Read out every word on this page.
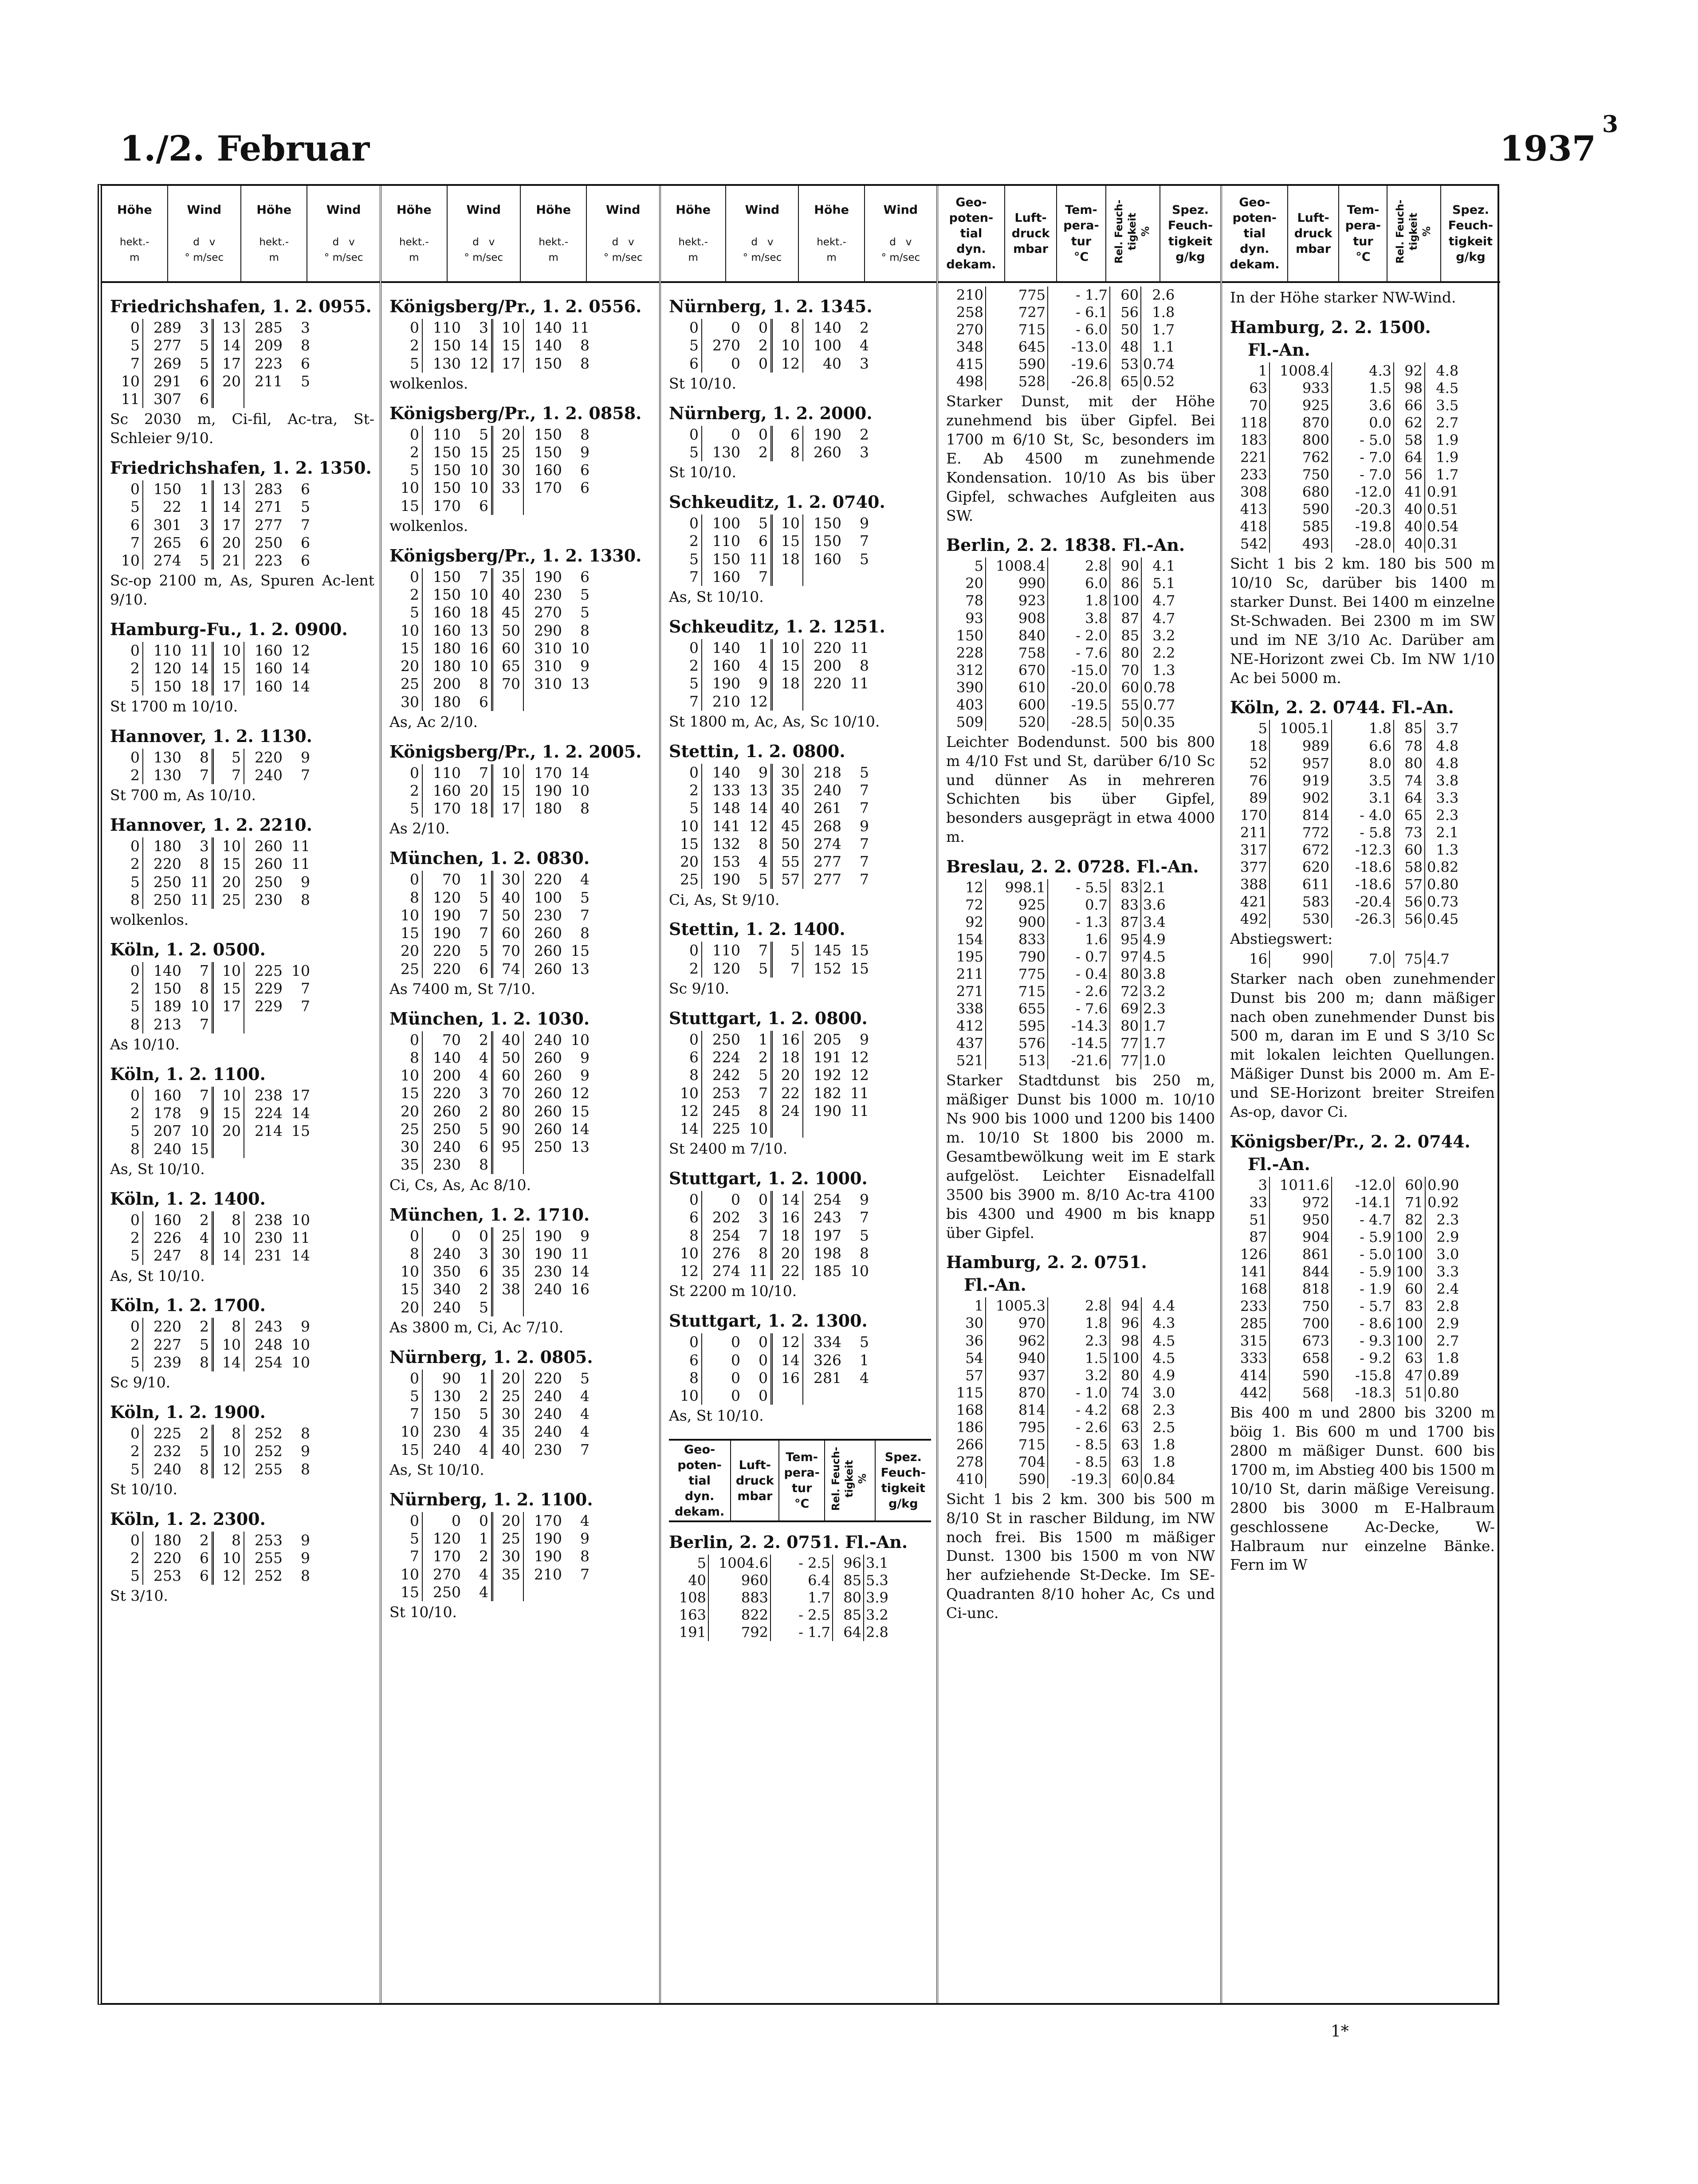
3
1./2. Februar	1937
Höhe

hekt.-
m	Wind

d   v
° m/sec	Höhe

hekt.-
m	Wind

d   v
° m/sec
Friedrichshafen, 1. 2. 0955.
0	289	3	13	285	3
5	277	5	14	209	8
7	269	5	17	223	6
10	291	6	20	211	5
11	307	6			
Sc 2030 m, Ci-fil, Ac-tra, St-Schleier 9/10.
Friedrichshafen, 1. 2. 1350.
0	150	1	13	283	6
5	22	1	14	271	5
6	301	3	17	277	7
7	265	6	20	250	6
10	274	5	21	223	6
Sc-op 2100 m, As, Spuren Ac-lent 9/10.
Hamburg-Fu., 1. 2. 0900.
0	110	11	10	160	12
2	120	14	15	160	14
5	150	18	17	160	14
St 1700 m 10/10.
Hannover, 1. 2. 1130.
0	130	8	5	220	9
2	130	7	7	240	7
St 700 m, As 10/10.
Hannover, 1. 2. 2210.
0	180	3	10	260	11
2	220	8	15	260	11
5	250	11	20	250	9
8	250	11	25	230	8
wolkenlos.
Köln, 1. 2. 0500.
0	140	7	10	225	10
2	150	8	15	229	7
5	189	10	17	229	7
8	213	7			
As 10/10.
Köln, 1. 2. 1100.
0	160	7	10	238	17
2	178	9	15	224	14
5	207	10	20	214	15
8	240	15			
As, St 10/10.
Köln, 1. 2. 1400.
0	160	2	8	238	10
2	226	4	10	230	11
5	247	8	14	231	14
As, St 10/10.
Köln, 1. 2. 1700.
0	220	2	8	243	9
2	227	5	10	248	10
5	239	8	14	254	10
Sc 9/10.
Köln, 1. 2. 1900.
0	225	2	8	252	8
2	232	5	10	252	9
5	240	8	12	255	8
St 10/10.
Köln, 1. 2. 2300.
0	180	2	8	253	9
2	220	6	10	255	9
5	253	6	12	252	8
St 3/10.
Höhe

hekt.-
m	Wind

d   v
° m/sec	Höhe

hekt.-
m	Wind

d   v
° m/sec
Königsberg/Pr., 1. 2. 0556.
0	110	3	10	140	11
2	150	14	15	140	8
5	130	12	17	150	8
wolkenlos.
Königsberg/Pr., 1. 2. 0858.
0	110	5	20	150	8
2	150	15	25	150	9
5	150	10	30	160	6
10	150	10	33	170	6
15	170	6			
wolkenlos.
Königsberg/Pr., 1. 2. 1330.
0	150	7	35	190	6
2	150	10	40	230	5
5	160	18	45	270	5
10	160	13	50	290	8
15	180	16	60	310	10
20	180	10	65	310	9
25	200	8	70	310	13
30	180	6			
As, Ac 2/10.
Königsberg/Pr., 1. 2. 2005.
0	110	7	10	170	14
2	160	20	15	190	10
5	170	18	17	180	8
As 2/10.
München, 1. 2. 0830.
0	70	1	30	220	4
8	120	5	40	100	5
10	190	7	50	230	7
15	190	7	60	260	8
20	220	5	70	260	15
25	220	6	74	260	13
As 7400 m, St 7/10.
München, 1. 2. 1030.
0	70	2	40	240	10
8	140	4	50	260	9
10	200	4	60	260	9
15	220	3	70	260	12
20	260	2	80	260	15
25	250	5	90	260	14
30	240	6	95	250	13
35	230	8			
Ci, Cs, As, Ac 8/10.
München, 1. 2. 1710.
0	0	0	25	190	9
8	240	3	30	190	11
10	350	6	35	230	14
15	340	2	38	240	16
20	240	5			
As 3800 m, Ci, Ac 7/10.
Nürnberg, 1. 2. 0805.
0	90	1	20	220	5
5	130	2	25	240	4
7	150	5	30	240	4
10	230	4	35	240	4
15	240	4	40	230	7
As, St 10/10.
Nürnberg, 1. 2. 1100.
0	0	0	20	170	4
5	120	1	25	190	9
7	170	2	30	190	8
10	270	4	35	210	7
15	250	4			
St 10/10.
Höhe

hekt.-
m	Wind

d   v
° m/sec	Höhe

hekt.-
m	Wind

d   v
° m/sec
Nürnberg, 1. 2. 1345.
0	0	0	8	140	2
5	270	2	10	100	4
6	0	0	12	40	3
St 10/10.
Nürnberg, 1. 2. 2000.
0	0	0	6	190	2
5	130	2	8	260	3
St 10/10.
Schkeuditz, 1. 2. 0740.
0	100	5	10	150	9
2	110	6	15	150	7
5	150	11	18	160	5
7	160	7			
As, St 10/10.
Schkeuditz, 1. 2. 1251.
0	140	1	10	220	11
2	160	4	15	200	8
5	190	9	18	220	11
7	210	12			
St 1800 m, Ac, As, Sc 10/10.
Stettin, 1. 2. 0800.
0	140	9	30	218	5
2	133	13	35	240	7
5	148	14	40	261	7
10	141	12	45	268	9
15	132	8	50	274	7
20	153	4	55	277	7
25	190	5	57	277	7
Ci, As, St 9/10.
Stettin, 1. 2. 1400.
0	110	7	5	145	15
2	120	5	7	152	15
Sc 9/10.
Stuttgart, 1. 2. 0800.
0	250	1	16	205	9
6	224	2	18	191	12
8	242	5	20	192	12
10	253	7	22	182	11
12	245	8	24	190	11
14	225	10			
St 2400 m 7/10.
Stuttgart, 1. 2. 1000.
0	0	0	14	254	9
6	202	3	16	243	7
8	254	7	18	197	5
10	276	8	20	198	8
12	274	11	22	185	10
St 2200 m 10/10.
Stuttgart, 1. 2. 1300.
0	0	0	12	334	5
6	0	0	14	326	1
8	0	0	16	281	4
10	0	0			
As, St 10/10.
Geo-
poten-
tial
dyn.
dekam.	Luft-
druck
mbar	Tem-
pera-
tur
°C	Rel. Feuch-
tigkeit
%	Spez.
Feuch-
tigkeit
g/kg
Berlin, 2. 2. 0751. Fl.-An.
5	1004.6	- 2.5	96	3.1
40	960	6.4	85	5.3
108	883	1.7	80	3.9
163	822	- 2.5	85	3.2
191	792	- 1.7	64	2.8
Geo-
poten-
tial
dyn.
dekam.	Luft-
druck
mbar	Tem-
pera-
tur
°C	Rel. Feuch-
tigkeit
%	Spez.
Feuch-
tigkeit
g/kg
210	775	- 1.7	60	2.6
258	727	- 6.1	56	1.8
270	715	- 6.0	50	1.7
348	645	-13.0	48	1.1
415	590	-19.6	53	0.74
498	528	-26.8	65	0.52
Starker Dunst, mit der Höhe zunehmend bis über Gipfel. Bei 1700 m 6/10 St, Sc, besonders im E. Ab 4500 m zunehmende Kondensation. 10/10 As bis über Gipfel, schwaches Aufgleiten aus SW.
Berlin, 2. 2. 1838. Fl.-An.
5	1008.4	2.8	90	4.1
20	990	6.0	86	5.1
78	923	1.8	100	4.7
93	908	3.8	87	4.7
150	840	- 2.0	85	3.2
228	758	- 7.6	80	2.2
312	670	-15.0	70	1.3
390	610	-20.0	60	0.78
403	600	-19.5	55	0.77
509	520	-28.5	50	0.35
Leichter Bodendunst. 500 bis 800 m 4/10 Fst und St, darüber 6/10 Sc und dünner As in mehreren Schichten bis über Gipfel, besonders ausgeprägt in etwa 4000 m.
Breslau, 2. 2. 0728. Fl.-An.
12	998.1	- 5.5	83	2.1
72	925	0.7	83	3.6
92	900	- 1.3	87	3.4
154	833	1.6	95	4.9
195	790	- 0.7	97	4.5
211	775	- 0.4	80	3.8
271	715	- 2.6	72	3.2
338	655	- 7.6	69	2.3
412	595	-14.3	80	1.7
437	576	-14.5	77	1.7
521	513	-21.6	77	1.0
Starker Stadtdunst bis 250 m, mäßiger Dunst bis 1000 m. 10/10 Ns 900 bis 1000 und 1200 bis 1400 m. 10/10 St 1800 bis 2000 m. Gesamtbewölkung weit im E stark aufgelöst. Leichter Eisnadelfall 3500 bis 3900 m. 8/10 Ac-tra 4100 bis 4300 und 4900 m bis knapp über Gipfel.
Hamburg, 2. 2. 0751.
Fl.-An.
1	1005.3	2.8	94	4.4
30	970	1.8	96	4.3
36	962	2.3	98	4.5
54	940	1.5	100	4.5
57	937	3.2	80	4.9
115	870	- 1.0	74	3.0
168	814	- 4.2	68	2.3
186	795	- 2.6	63	2.5
266	715	- 8.5	63	1.8
278	704	- 8.5	63	1.8
410	590	-19.3	60	0.84
Sicht 1 bis 2 km. 300 bis 500 m 8/10 St in rascher Bildung, im NW noch frei. Bis 1500 m mäßiger Dunst. 1300 bis 1500 m von NW her aufziehende St-Decke. Im SE-Quadranten 8/10 hoher Ac, Cs und Ci-unc.
Geo-
poten-
tial
dyn.
dekam.	Luft-
druck
mbar	Tem-
pera-
tur
°C	Rel. Feuch-
tigkeit
%	Spez.
Feuch-
tigkeit
g/kg
In der Höhe starker NW-Wind.
Hamburg, 2. 2. 1500.
Fl.-An.
1	1008.4	4.3	92	4.8
63	933	1.5	98	4.5
70	925	3.6	66	3.5
118	870	0.0	62	2.7
183	800	- 5.0	58	1.9
221	762	- 7.0	64	1.9
233	750	- 7.0	56	1.7
308	680	-12.0	41	0.91
413	590	-20.3	40	0.51
418	585	-19.8	40	0.54
542	493	-28.0	40	0.31
Sicht 1 bis 2 km. 180 bis 500 m 10/10 Sc, darüber bis 1400 m starker Dunst. Bei 1400 m einzelne St-Schwaden. Bei 2300 m im SW und im NE 3/10 Ac. Darüber am NE-Horizont zwei Cb. Im NW 1/10 Ac bei 5000 m.
Köln, 2. 2. 0744. Fl.-An.
5	1005.1	1.8	85	3.7
18	989	6.6	78	4.8
52	957	8.0	80	4.8
76	919	3.5	74	3.8
89	902	3.1	64	3.3
170	814	- 4.0	65	2.3
211	772	- 5.8	73	2.1
317	672	-12.3	60	1.3
377	620	-18.6	58	0.82
388	611	-18.6	57	0.80
421	583	-20.4	56	0.73
492	530	-26.3	56	0.45
Abstiegswert:
16	990	7.0	75	4.7
Starker nach oben zunehmender Dunst bis 200 m; dann mäßiger nach oben zunehmender Dunst bis 500 m, daran im E und S 3/10 Sc mit lokalen leichten Quellungen. Mäßiger Dunst bis 2000 m. Am E- und SE-Horizont breiter Streifen As-op, davor Ci.
Königsber/Pr., 2. 2. 0744.
Fl.-An.
3	1011.6	-12.0	60	0.90
33	972	-14.1	71	0.92
51	950	- 4.7	82	2.3
87	904	- 5.9	100	2.9
126	861	- 5.0	100	3.0
141	844	- 5.9	100	3.3
168	818	- 1.9	60	2.4
233	750	- 5.7	83	2.8
285	700	- 8.6	100	2.9
315	673	- 9.3	100	2.7
333	658	- 9.2	63	1.8
414	590	-15.8	47	0.89
442	568	-18.3	51	0.80
Bis 400 m und 2800 bis 3200 m böig 1. Bis 600 m und 1700 bis 2800 m mäßiger Dunst. 600 bis 1700 m, im Abstieg 400 bis 1500 m 10/10 St, darin mäßige Vereisung. 2800 bis 3000 m E-Halbraum geschlossene Ac-Decke, W-Halbraum nur einzelne Bänke. Fern im W
1*
